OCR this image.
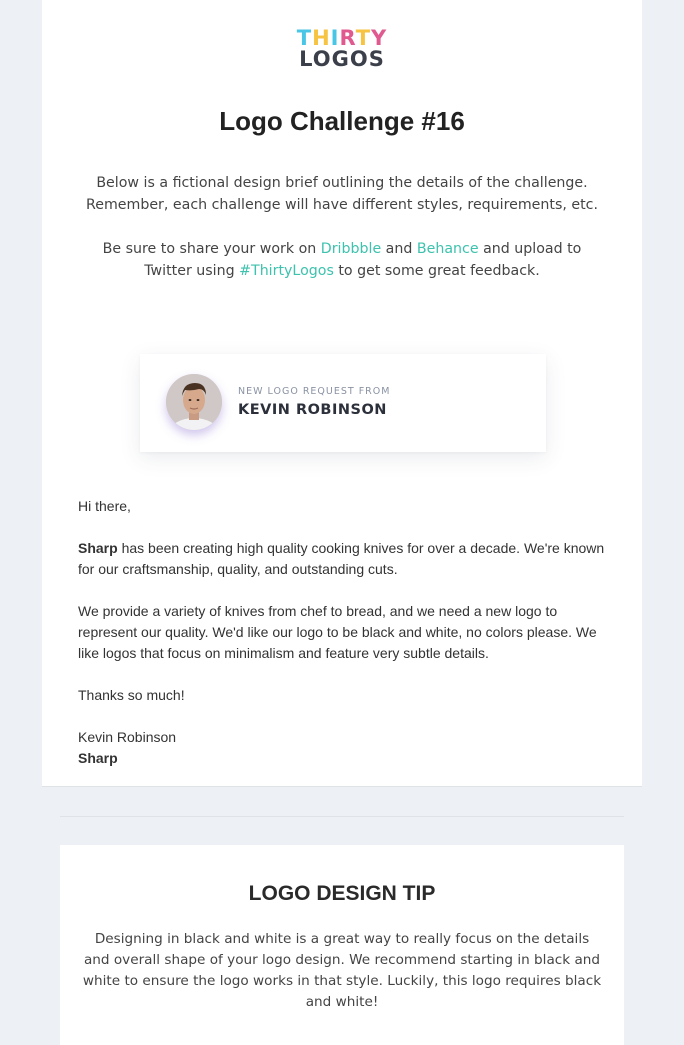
THIRTY
LOGOS
Logo Challenge #16

Below is a fictional design brief outlining the details of the challenge. Remember, each challenge will have different styles, requirements, etc.

Be sure to share your work on Dribbble and Behance and upload to Twitter using #ThirtyLogos to get some great feedback.

NEW LOGO REQUEST FROM
KEVIN ROBINSON

Hi there,

Sharp has been creating high quality cooking knives for over a decade. We're known for our craftsmanship, quality, and outstanding cuts.

We provide a variety of knives from chef to bread, and we need a new logo to represent our quality. We'd like our logo to be black and white, no colors please. We like logos that focus on minimalism and feature very subtle details.

Thanks so much!

Kevin Robinson
Sharp

LOGO DESIGN TIP

Designing in black and white is a great way to really focus on the details and overall shape of your logo design. We recommend starting in black and white to ensure the logo works in that style. Luckily, this logo requires black and white!
